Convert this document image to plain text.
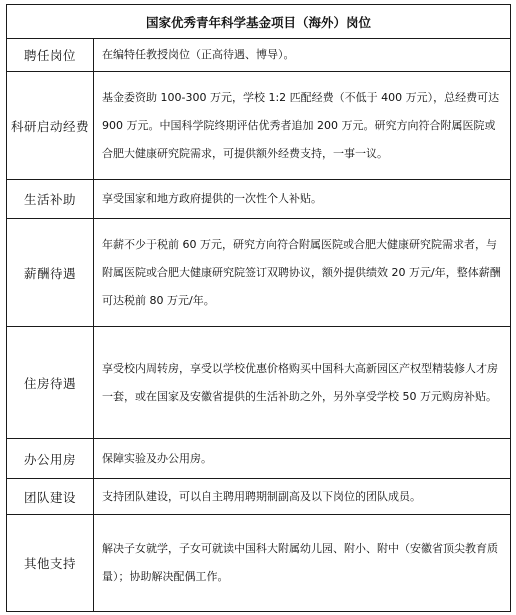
国家优秀青年科学基金项目（海外）岗位	
聘任岗位	在编特任教授岗位（正高待遇、博导）。
科研启动经费	基金委资助 100-300 万元，学校 1:2 匹配经费（不低于 400 万元），总经费可达 900 万元。中国科学院终期评估优秀者追加 200 万元。研究方向符合附属医院或合肥大健康研究院需求，可提供额外经费支持，一事一议。
生活补助	享受国家和地方政府提供的一次性个人补贴。
薪酬待遇	年薪不少于税前 60 万元，研究方向符合附属医院或合肥大健康研究院需求者，与附属医院或合肥大健康研究院签订双聘协议，额外提供绩效 20 万元/年，整体薪酬可达税前 80 万元/年。
住房待遇	享受校内周转房，享受以学校优惠价格购买中国科大高新园区产权型精装修人才房一套，或在国家及安徽省提供的生活补助之外，另外享受学校 50 万元购房补贴。
办公用房	保障实验及办公用房。
团队建设	支持团队建设，可以自主聘用聘期制副高及以下岗位的团队成员。
其他支持	解决子女就学，子女可就读中国科大附属幼儿园、附小、附中（安徽省顶尖教育质量）；协助解决配偶工作。
